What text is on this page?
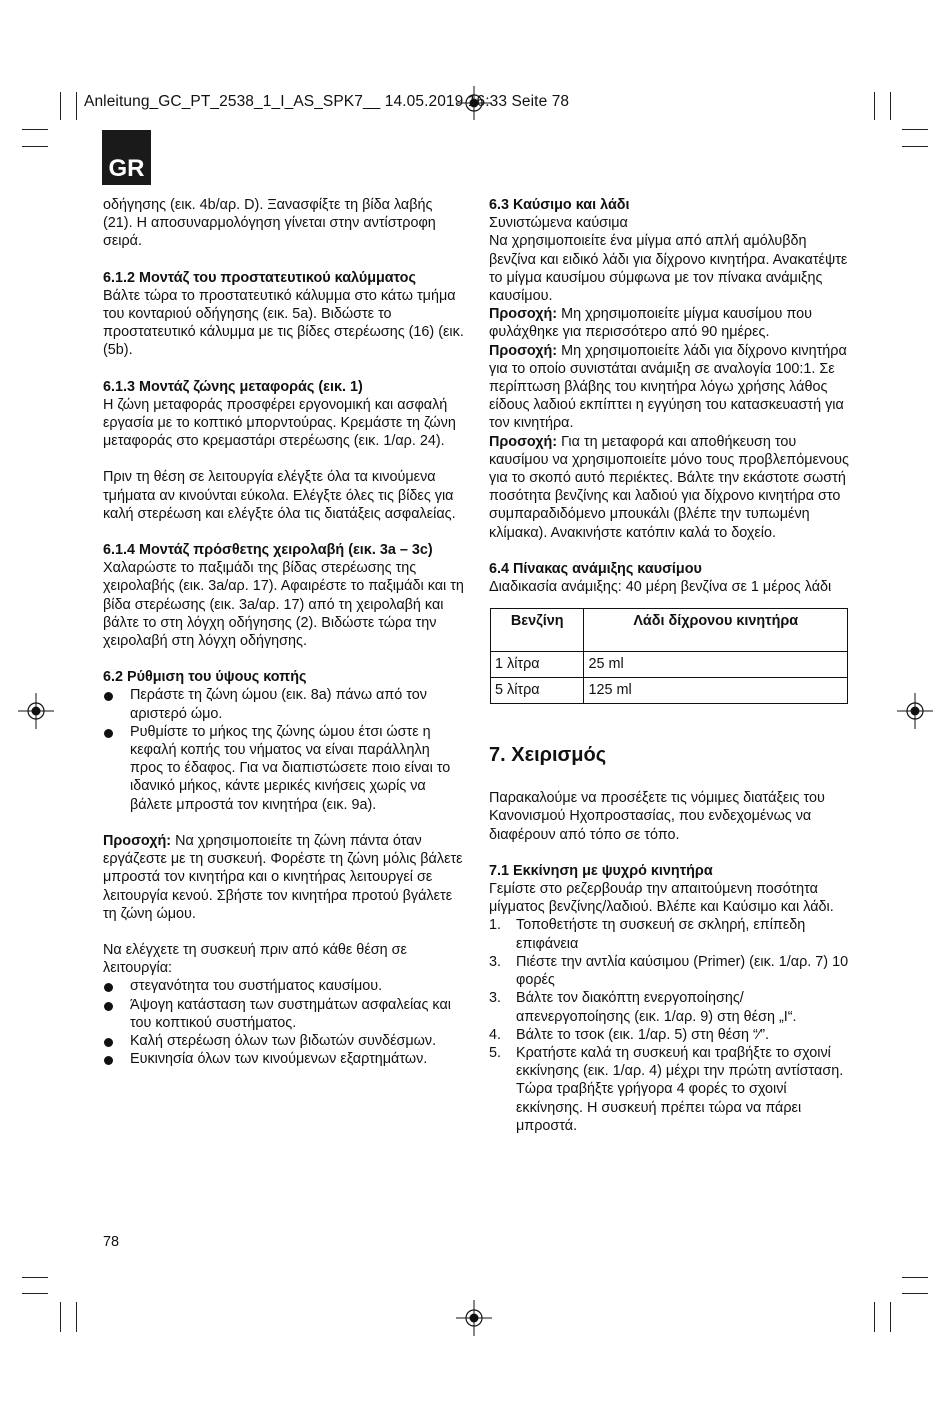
Anleitung_GC_PT_2538_1_I_AS_SPK7__ 14.05.2019 16:33 Seite 78
GR

οδήγησης (εικ. 4b/αρ. D). Ξανασφίξτε τη βίδα λαβής (21). Η αποσυναρμολόγηση γίνεται στην αντίστροφη σειρά.

6.1.2 Μοντάζ του προστατευτικού καλύμματος

Βάλτε τώρα το προστατευτικό κάλυμμα στο κάτω τμήμα του κονταριού οδήγησης (εικ. 5a). Βιδώστε το προστατευτικό κάλυμμα με τις βίδες στερέωσης (16) (εικ. (5b).

6.1.3 Μοντάζ ζώνης μεταφοράς (εικ. 1)

Η ζώνη μεταφοράς προσφέρει εργονομική και ασφαλή εργασία με το κοπτικό μπορντούρας. Κρεμάστε τη ζώνη μεταφοράς στο κρεμαστάρι στερέωσης (εικ. 1/αρ. 24).

Πριν τη θέση σε λειτουργία ελέγξτε όλα τα κινούμενα τμήματα αν κινούνται εύκολα. Ελέγξτε όλες τις βίδες για καλή στερέωση και ελέγξτε όλα τις διατάξεις ασφαλείας.

6.1.4 Μοντάζ πρόσθετης χειρολαβή (εικ. 3a – 3c)

Χαλαρώστε το παξιμάδι της βίδας στερέωσης της χειρολαβής (εικ. 3a/αρ. 17). Αφαιρέστε το παξιμάδι και τη βίδα στερέωσης (εικ. 3a/αρ. 17) από τη χειρολαβή και βάλτε το στη λόγχη οδήγησης (2). Βιδώστε τώρα την χειρολαβή στη λόγχη οδήγησης.

6.2 Ρύθμιση του ύψους κοπής
Περάστε τη ζώνη ώμου (εικ. 8a) πάνω από τον αριστερό ώμο.
Ρυθμίστε το μήκος της ζώνης ώμου έτσι ώστε η κεφαλή κοπής του νήματος να είναι παράλληλη προς το έδαφος. Για να διαπιστώσετε ποιο είναι το ιδανικό μήκος, κάντε μερικές κινήσεις χωρίς να βάλετε μπροστά τον κινητήρα (εικ. 9a).

Προσοχή: Να χρησιμοποιείτε τη ζώνη πάντα όταν εργάζεστε με τη συσκευή. Φορέστε τη ζώνη μόλις βάλετε μπροστά τον κινητήρα και ο κινητήρας λειτουργεί σε λειτουργία κενού. Σβήστε τον κινητήρα προτού βγάλετε τη ζώνη ώμου.

Να ελέγχετε τη συσκευή πριν από κάθε θέση σε λειτουργία:

στεγανότητα του συστήματος καυσίμου.
Άψογη κατάσταση των συστημάτων ασφαλείας και του κοπτικού συστήματος.
Καλή στερέωση όλων των βιδωτών συνδέσμων.
Ευκινησία όλων των κινούμενων εξαρτημάτων.
6.3 Καύσιμο και λάδι

Συνιστώμενα καύσιμα

Να χρησιμοποιείτε ένα μίγμα από απλή αμόλυβδη βενζίνα και ειδικό λάδι για δίχρονο κινητήρα. Ανακατέψτε το μίγμα καυσίμου σύμφωνα με τον πίνακα ανάμιξης καυσίμου.

Προσοχή: Μη χρησιμοποιείτε μίγμα καυσίμου που φυλάχθηκε για περισσότερο από 90 ημέρες.

Προσοχή: Μη χρησιμοποιείτε λάδι για δίχρονο κινητήρα για το οποίο συνιστάται ανάμιξη σε αναλογία 100:1. Σε περίπτωση βλάβης του κινητήρα λόγω χρήσης λάθος είδους λαδιού εκπίπτει η εγγύηση του κατασκευαστή για τον κινητήρα.

Προσοχή: Για τη μεταφορά και αποθήκευση του καυσίμου να χρησιμοποιείτε μόνο τους προβλεπόμενους για το σκοπό αυτό περιέκτες. Βάλτε την εκάστοτε σωστή ποσότητα βενζίνης και λαδιού για δίχρονο κινητήρα στο συμπαραδιδόμενο μπουκάλι (βλέπε την τυπωμένη κλίμακα). Ανακινήστε κατόπιν καλά το δοχείο.

6.4 Πίνακας ανάμιξης καυσίμου

Διαδικασία ανάμιξης: 40 μέρη βενζίνα σε 1 μέρος λάδι

Βενζίνη	Λάδι δίχρονου κινητήρα
1 λίτρα	25 ml
5 λίτρα	125 ml
7. Χειρισμός

Παρακαλούμε να προσέξετε τις νόμιμες διατάξεις του Κανονισμού Ηχοπροστασίας, που ενδεχομένως να διαφέρουν από τόπο σε τόπο.

7.1 Εκκίνηση με ψυχρό κινητήρα

Γεμίστε στο ρεζερβουάρ την απαιτούμενη ποσότητα μίγματος βενζίνης/λαδιού. Βλέπε και Καύσιμο και λάδι.

1. Τοποθετήστε τη συσκευή σε σκληρή, επίπεδη επιφάνεια
3. Πιέστε την αντλία καύσιμου (Primer) (εικ. 1/αρ. 7) 10 φορές
3. Βάλτε τον διακόπτη ενεργοποίησης/απενεργοποίησης (εικ. 1/αρ. 9) στη θέση „I“.
4. Βάλτε το τσοκ (εικ. 1/αρ. 5) στη θέση “⁄”.
5. Κρατήστε καλά τη συσκευή και τραβήξτε το σχοινί εκκίνησης (εικ. 1/αρ. 4) μέχρι την πρώτη αντίσταση. Τώρα τραβήξτε γρήγορα 4 φορές το σχοινί εκκίνησης. Η συσκευή πρέπει τώρα να πάρει μπροστά.
78
